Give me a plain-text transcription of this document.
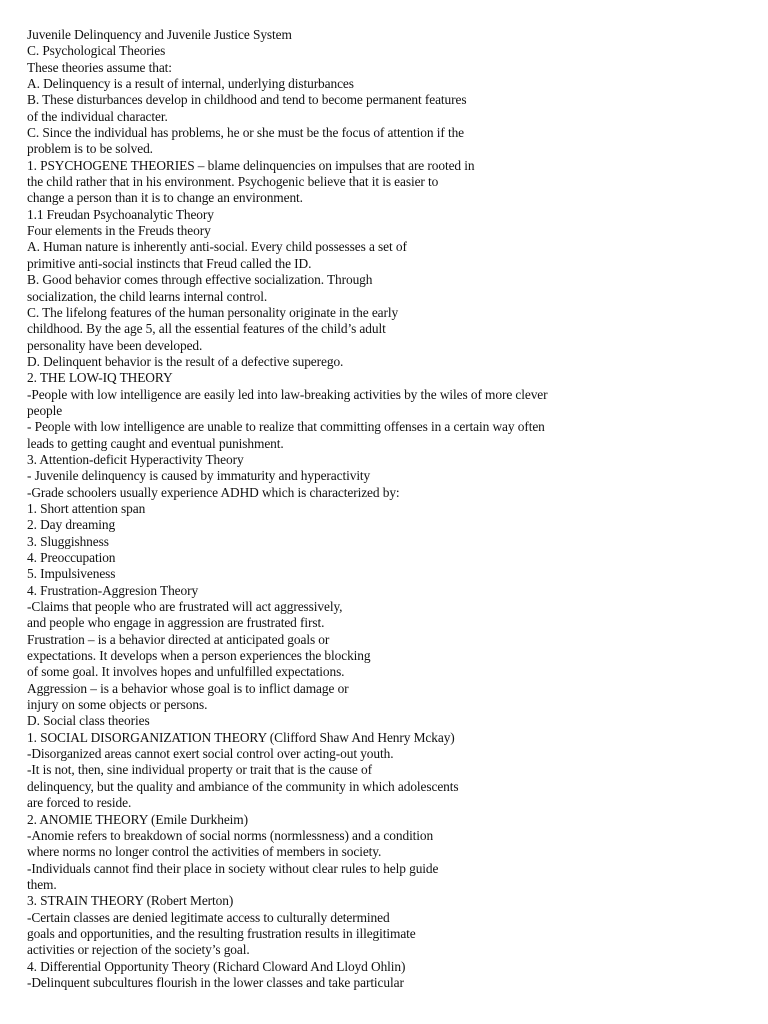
Juvenile Delinquency and Juvenile Justice System
C. Psychological Theories
These theories assume that:
A. Delinquency is a result of internal, underlying disturbances
B. These disturbances develop in childhood and tend to become permanent features
of the individual character.
C. Since the individual has problems, he or she must be the focus of attention if the
problem is to be solved.
1. PSYCHOGENE THEORIES – blame delinquencies on impulses that are rooted in
the child rather that in his environment. Psychogenic believe that it is easier to
change a person than it is to change an environment.
1.1 Freudan Psychoanalytic Theory
Four elements in the Freuds theory
A. Human nature is inherently anti-social. Every child possesses a set of
primitive anti-social instincts that Freud called the ID.
B. Good behavior comes through effective socialization. Through
socialization, the child learns internal control.
C. The lifelong features of the human personality originate in the early
childhood. By the age 5, all the essential features of the child’s adult
personality have been developed.
D. Delinquent behavior is the result of a defective superego.
2. THE LOW-IQ THEORY
-People with low intelligence are easily led into law-breaking activities by the wiles of more clever
people
- People with low intelligence are unable to realize that committing offenses in a certain way often
leads to getting caught and eventual punishment.
3. Attention-deficit Hyperactivity Theory
- Juvenile delinquency is caused by immaturity and hyperactivity
-Grade schoolers usually experience ADHD which is characterized by:
1. Short attention span
2. Day dreaming
3. Sluggishness
4. Preoccupation
5. Impulsiveness
4. Frustration-Aggresion Theory
-Claims that people who are frustrated will act aggressively,
and people who engage in aggression are frustrated first.
Frustration – is a behavior directed at anticipated goals or
expectations. It develops when a person experiences the blocking
of some goal. It involves hopes and unfulfilled expectations.
Aggression – is a behavior whose goal is to inflict damage or
injury on some objects or persons.
D. Social class theories
1. SOCIAL DISORGANIZATION THEORY (Clifford Shaw And Henry Mckay)
-Disorganized areas cannot exert social control over acting-out youth.
-It is not, then, sine individual property or trait that is the cause of
delinquency, but the quality and ambiance of the community in which adolescents
are forced to reside.
2. ANOMIE THEORY (Emile Durkheim)
-Anomie refers to breakdown of social norms (normlessness) and a condition
where norms no longer control the activities of members in society.
-Individuals cannot find their place in society without clear rules to help guide
them.
3. STRAIN THEORY (Robert Merton)
-Certain classes are denied legitimate access to culturally determined
goals and opportunities, and the resulting frustration results in illegitimate
activities or rejection of the society’s goal.
4. Differential Opportunity Theory (Richard Cloward And Lloyd Ohlin)
-Delinquent subcultures flourish in the lower classes and take particular
